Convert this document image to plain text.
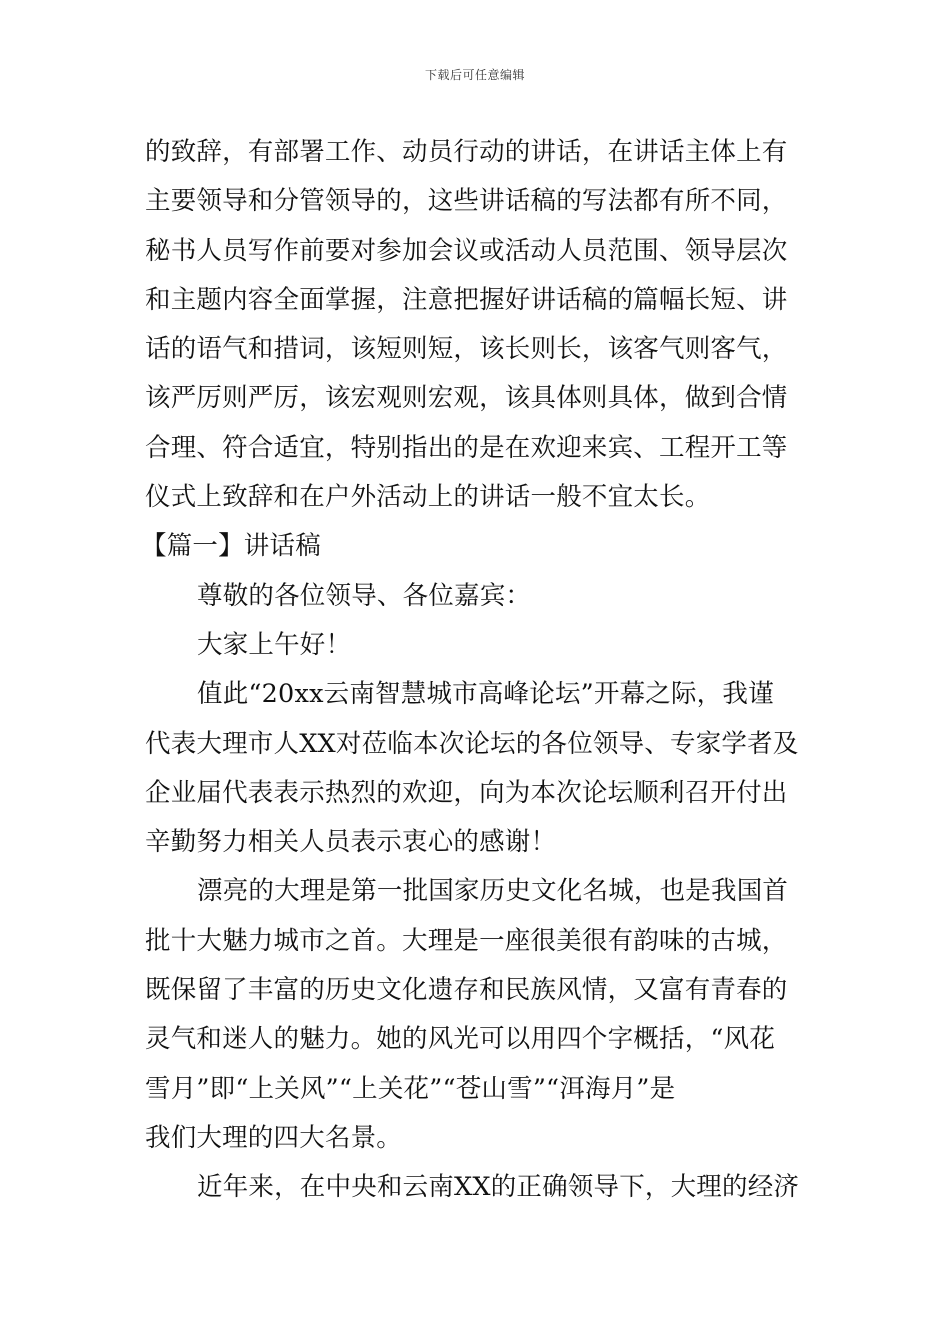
下载后可任意编辑
的致辞，有部署工作、动员行动的讲话，在讲话主体上有
主要领导和分管领导的，这些讲话稿的写法都有所不同，
秘书人员写作前要对参加会议或活动人员范围、领导层次
和主题内容全面掌握，注意把握好讲话稿的篇幅长短、讲
话的语气和措词，该短则短，该长则长，该客气则客气，
该严厉则严厉，该宏观则宏观，该具体则具体，做到合情
合理、符合适宜，特别指出的是在欢迎来宾、工程开工等
仪式上致辞和在户外活动上的讲话一般不宜太长。
【篇一】讲话稿
尊敬的各位领导、各位嘉宾：
大家上午好！
值此“20xx云南智慧城市高峰论坛”开幕之际，我谨
代表大理市人XX对莅临本次论坛的各位领导、专家学者及
企业届代表表示热烈的欢迎，向为本次论坛顺利召开付出
辛勤努力相关人员表示衷心的感谢！
漂亮的大理是第一批国家历史文化名城，也是我国首
批十大魅力城市之首。大理是一座很美很有韵味的古城，
既保留了丰富的历史文化遗存和民族风情，又富有青春的
灵气和迷人的魅力。她的风光可以用四个字概括，“风花
雪月”即“上关风”“上关花”“苍山雪”“洱海月”是
我们大理的四大名景。
近年来，在中央和云南XX的正确领导下，大理的经济
